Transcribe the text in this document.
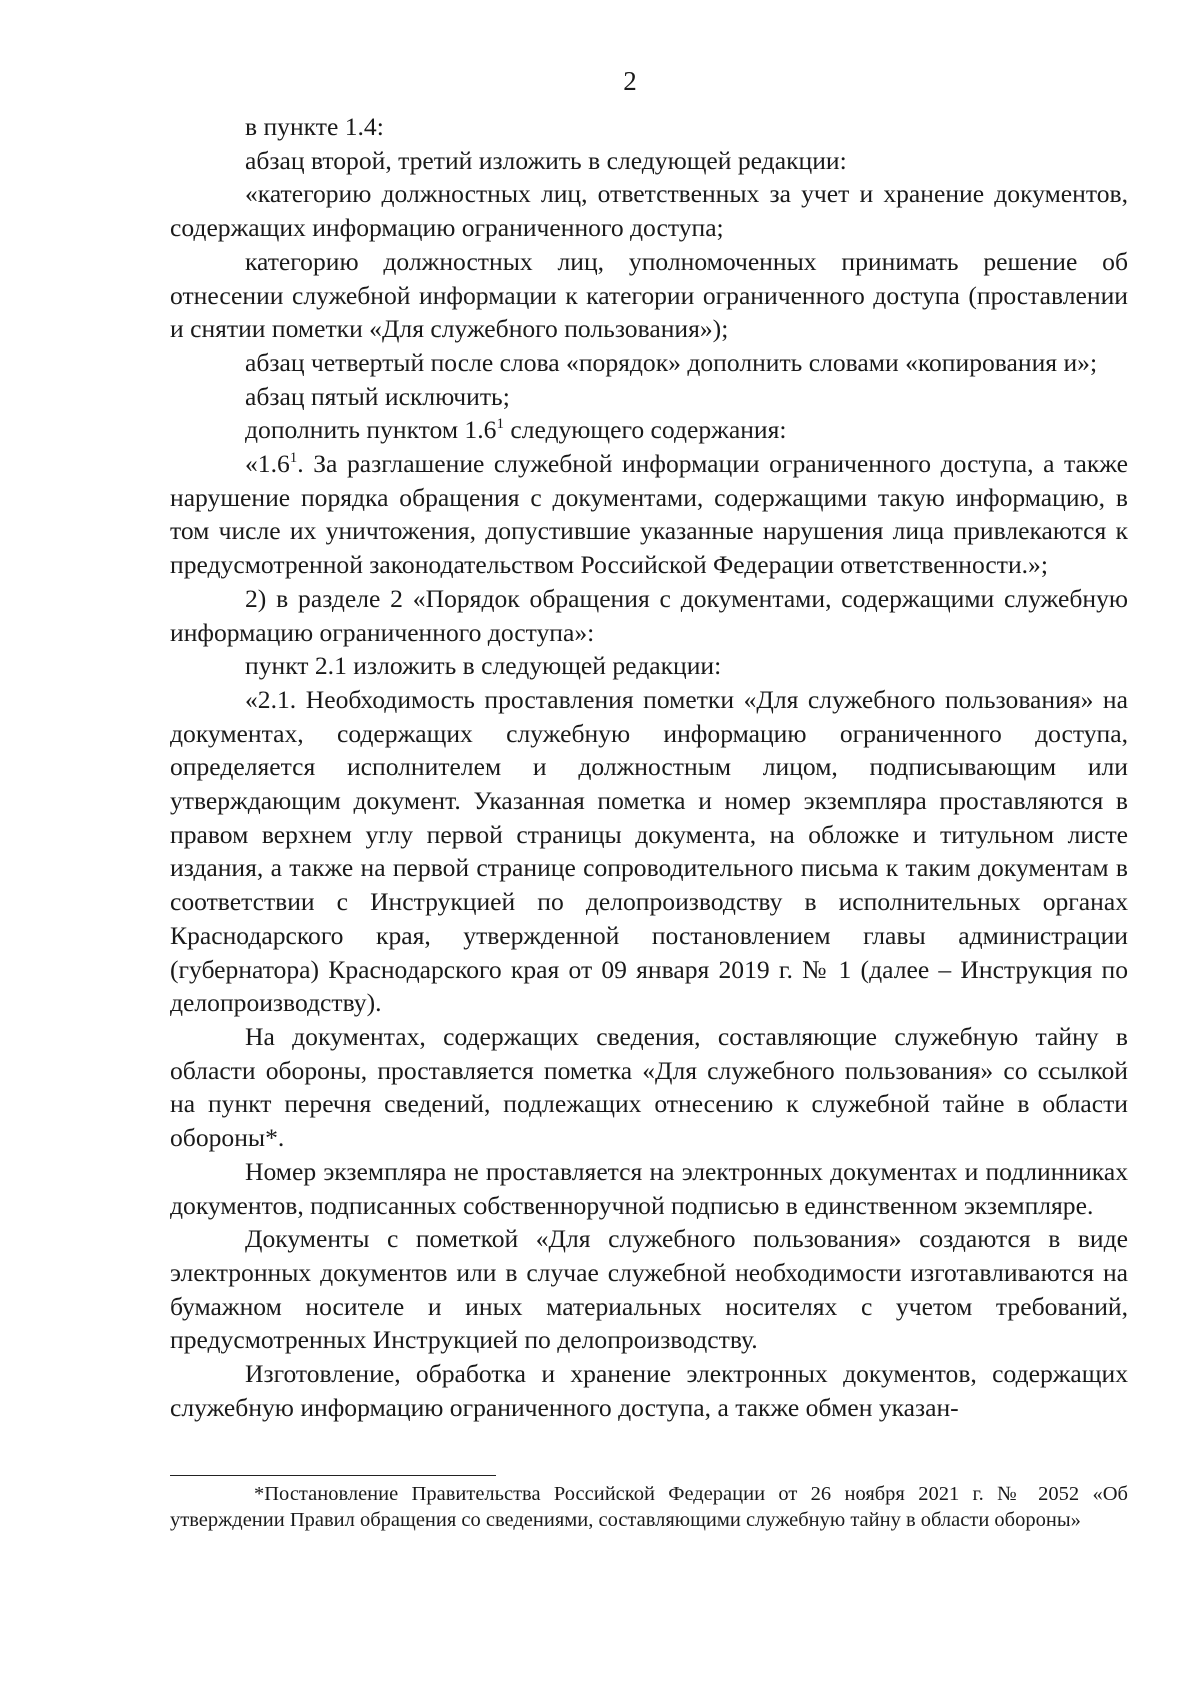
2

в пункте 1.4:

абзац второй, третий изложить в следующей редакции:

«категорию должностных лиц, ответственных за учет и хранение документов, содержащих информацию ограниченного доступа;

категорию должностных лиц, уполномоченных принимать решение об отнесении служебной информации к категории ограниченного доступа (проставлении и снятии пометки «Для служебного пользования»);

абзац четвертый после слова «порядок» дополнить словами «копирования и»;

абзац пятый исключить;

дополнить пунктом $1.6^1$ следующего содержания:

«$1.6^1$. За разглашение служебной информации ограниченного доступа, а также нарушение порядка обращения с документами, содержащими такую информацию, в том числе их уничтожения, допустившие указанные нарушения лица привлекаются к предусмотренной законодательством Российской Федерации ответственности.»;

2) в разделе 2 «Порядок обращения с документами, содержащими служебную информацию ограниченного доступа»:

пункт 2.1 изложить в следующей редакции:

«2.1. Необходимость проставления пометки «Для служебного пользования» на документах, содержащих служебную информацию ограниченного доступа, определяется исполнителем и должностным лицом, подписывающим или утверждающим документ. Указанная пометка и номер экземпляра проставляются в правом верхнем углу первой страницы документа, на обложке и титульном листе издания, а также на первой странице сопроводительного письма к таким документам в соответствии с Инструкцией по делопроизводству в исполнительных органах Краснодарского края, утвержденной постановлением главы администрации (губернатора) Краснодарского края от 09 января 2019 г. № 1 (далее – Инструкция по делопроизводству).

На документах, содержащих сведения, составляющие служебную тайну в области обороны, проставляется пометка «Для служебного пользования» со ссылкой на пункт перечня сведений, подлежащих отнесению к служебной тайне в области обороны*.

Номер экземпляра не проставляется на электронных документах и подлинниках документов, подписанных собственноручной подписью в единственном экземпляре.

Документы с пометкой «Для служебного пользования» создаются в виде электронных документов или в случае служебной необходимости изготавливаются на бумажном носителе и иных материальных носителях с учетом требований, предусмотренных Инструкцией по делопроизводству.

Изготовление, обработка и хранение электронных документов, содержащих служебную информацию ограниченного доступа, а также обмен указан-

*Постановление Правительства Российской Федерации от 26 ноября 2021 г. № 2052 «Об утверждении Правил обращения со сведениями, составляющими служебную тайну в области обороны»
